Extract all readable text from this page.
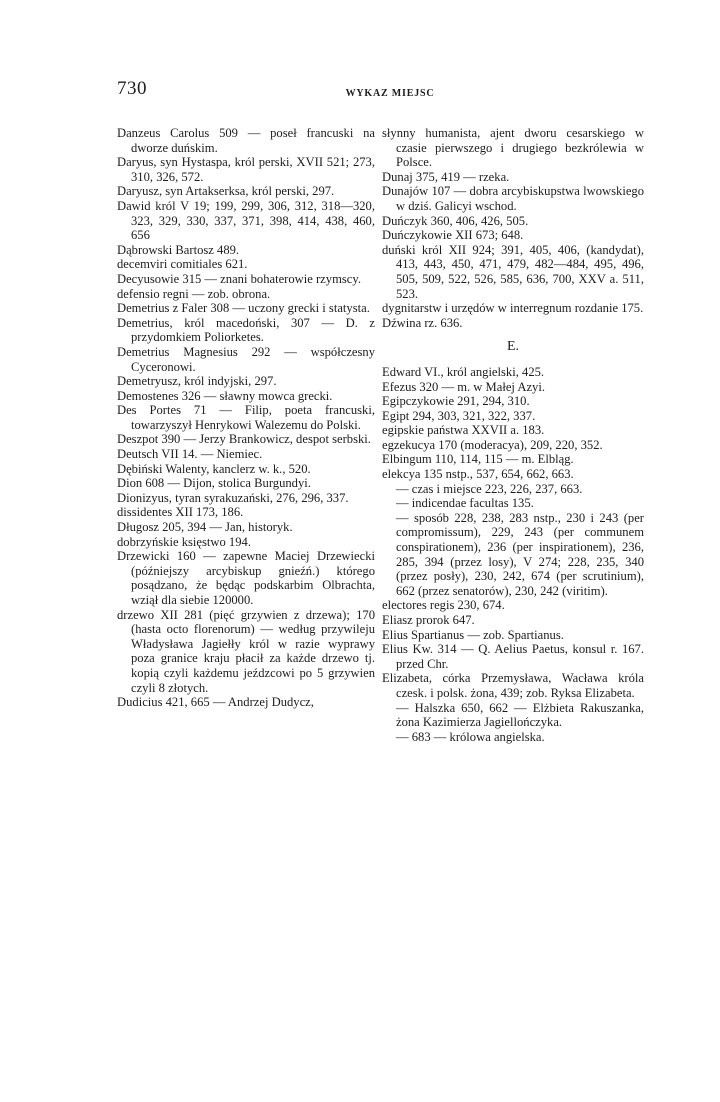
730	WYKAZ MIEJSC

Danzeus Carolus 509 — poseł francuski na dworze duńskim.

Daryus, syn Hystaspa, król perski, XVII 521; 273, 310, 326, 572.

Daryusz, syn Artakserksa, król perski, 297.

Dawid król V 19; 199, 299, 306, 312, 318—320, 323, 329, 330, 337, 371, 398, 414, 438, 460, 656

Dąbrowski Bartosz 489.

decemviri comitiales 621.

Decyusowie 315 — znani bohaterowie rzymscy.

defensio regni — zob. obrona.

Demetrius z Faler 308 — uczony grecki i statysta.

Demetrius, król macedoński, 307 — D. z przydomkiem Poliorketes.

Demetrius Magnesius 292 — współczesny Cyceronowi.

Demetryusz, król indyjski, 297.

Demostenes 326 — sławny mowca grecki.

Des Portes 71 — Filip, poeta francuski, towarzyszył Henrykowi Walezemu do Polski.

Deszpot 390 — Jerzy Brankowicz, despot serbski.

Deutsch VII 14. — Niemiec.

Dębiński Walenty, kanclerz w. k., 520.

Dion 608 — Dijon, stolica Burgundyi.

Dionizyus, tyran syrakuzański, 276, 296, 337.

dissidentes XII 173, 186.

Długosz 205, 394 — Jan, historyk.

dobrzyńskie księstwo 194.

Drzewicki 160 — zapewne Maciej Drzewiecki (późniejszy arcybiskup gnieźń.) którego posądzano, że będąc podskarbim Olbrachta, wziął dla siebie 120000.

drzewo XII 281 (pięć grzywien z drzewa); 170 (hasta octo florenorum) — według przywileju Władysława Jagiełły król w razie wyprawy poza granice kraju płacił za każde drzewo tj. kopią czyli każdemu jeźdzcowi po 5 grzywien czyli 8 złotych.

Dudicius 421, 665 — Andrzej Dudycz,

słynny humanista, ajent dworu cesarskiego w czasie pierwszego i drugiego bezkrólewia w Polsce.

Dunaj 375, 419 — rzeka.

Dunajów 107 — dobra arcybiskupstwa lwowskiego w dziś. Galicyi wschod.

Duńczyk 360, 406, 426, 505.

Duńczykowie XII 673; 648.

duński król XII 924; 391, 405, 406, (kandydat), 413, 443, 450, 471, 479, 482—484, 495, 496, 505, 509, 522, 526, 585, 636, 700, XXV a. 511, 523.

dygnitarstw i urzędów w interregnum rozdanie 175.

Dźwina rz. 636.

E.

Edward VI., król angielski, 425.

Efezus 320 — m. w Małej Azyi.

Egipczykowie 291, 294, 310.

Egipt 294, 303, 321, 322, 337.

egipskie państwa XXVII a. 183.

egzekucya 170 (moderacya), 209, 220, 352.

Elbingum 110, 114, 115 — m. Elbląg.

elekcya 135 nstp., 537, 654, 662, 663.

— czas i miejsce 223, 226, 237, 663.

— indicendae facultas 135.

— sposób 228, 238, 283 nstp., 230 i 243 (per compromissum), 229, 243 (per communem conspirationem), 236 (per inspirationem), 236, 285, 394 (przez losy), V 274; 228, 235, 340 (przez posły), 230, 242, 674 (per scrutinium), 662 (przez senatorów), 230, 242 (viritim).

electores regis 230, 674.

Eliasz prorok 647.

Elius Spartianus — zob. Spartianus.

Elius Kw. 314 — Q. Aelius Paetus, konsul r. 167. przed Chr.

Elizabeta, córka Przemysława, Wacława króla czesk. i polsk. żona, 439; zob. Ryksa Elizabeta.

— Halszka 650, 662 — Elżbieta Rakuszanka, żona Kazimierza Jagiellończyka.

— 683 — królowa angielska.
